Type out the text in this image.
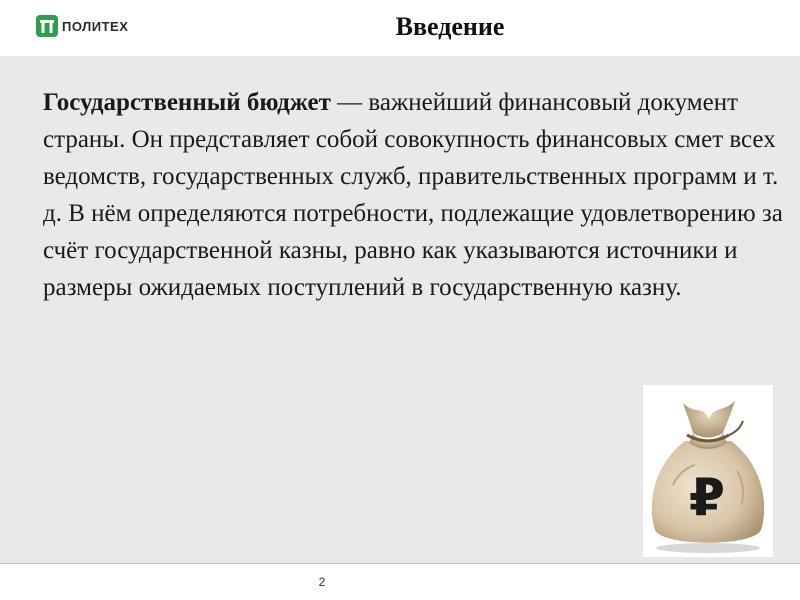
ПОЛИТЕХ	Введение

Государственный бюджет — важнейший финансовый документ страны. Он представляет собой совокупность финансовых смет всех ведомств, государственных служб, правительственных программ и т. д. В нём определяются потребности, подлежащие удовлетворению за счёт государственной казны, равно как указываются источники и размеры ожидаемых поступлений в государственную казну.

₽
2
